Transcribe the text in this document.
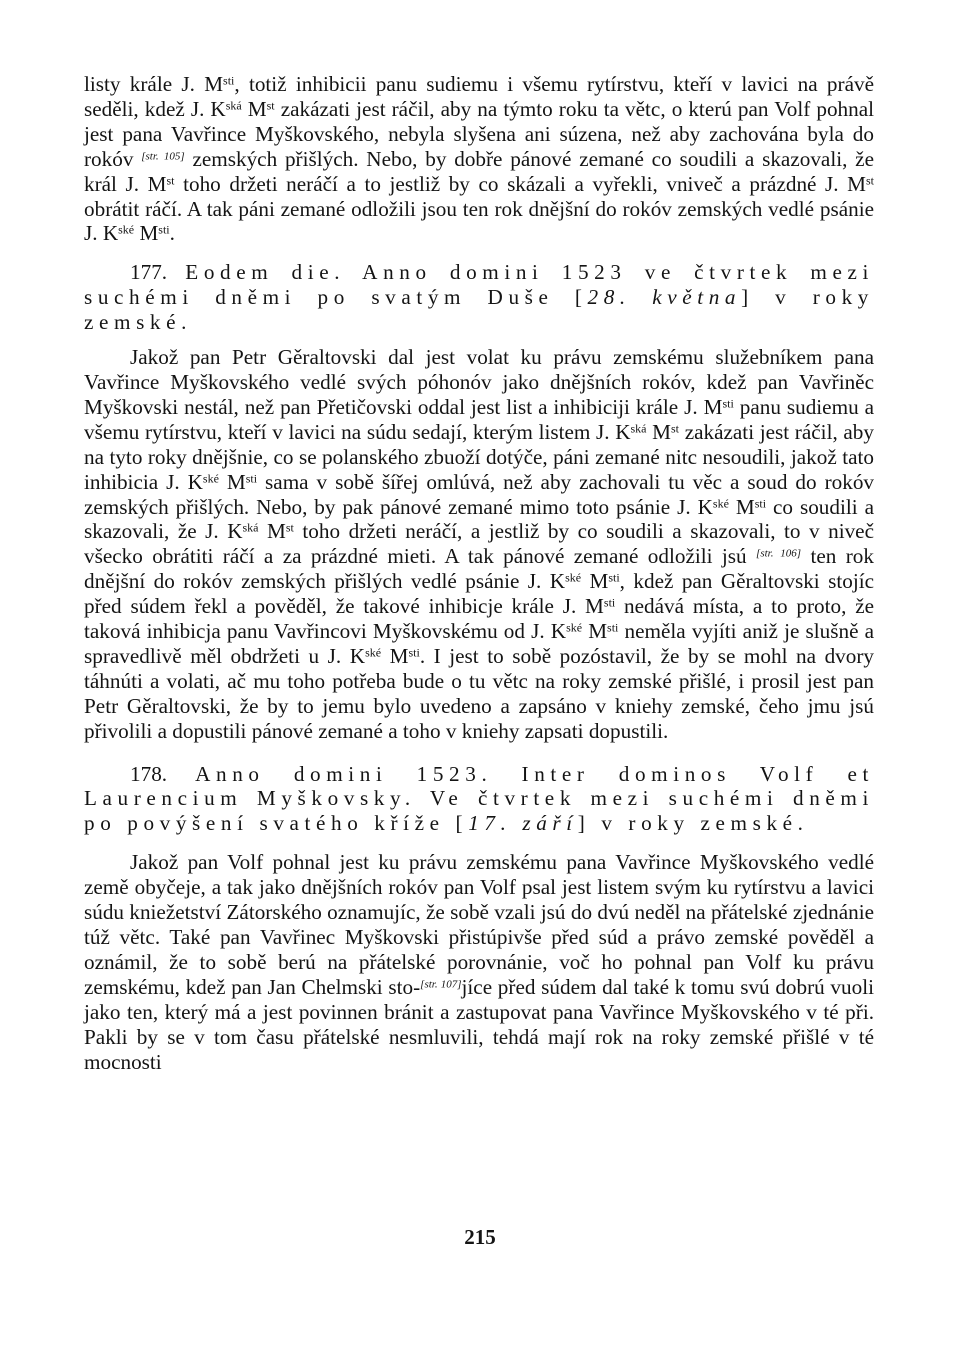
listy krále J. $M^{sti}$, totiž inhibicii panu sudiemu i všemu rytírstvu, kteří v lavici na právě seděli, kdež J. $K^{ská}$ Mst zakázati jest ráčil, aby na týmto roku ta větc, o kterú pan Volf pohnal jest pana Vavřince Myškovského, nebyla slyšena ani súzena, než aby zachována byla do rokóv [str. 105] zemských přišlých. Nebo, by dobře pánové zemané co soudili a skazovali, že král J. Mst toho držeti neráčí a to jestliž by co skázali a vyřekli, vniveč a prázdné J. Mst obrátit ráčí. A tak páni zemané odložili jsou ten rok dnějšní do rokóv zemských vedlé psánie J. $K^{ské}$ $M^{sti}$.

177. Eodem die. Anno domini 1523 ve čtvrtek mezi suchémi dněmi po svatým Duše [28. května] v roky zemské.

Jakož pan Petr Gěraltovski dal jest volat ku právu zemskému služebníkem pana Vavřince Myškovského vedlé svých póhonóv jako dnějšních rokóv, kdež pan Vavřiněc Myškovski nestál, než pan Přetičovski oddal jest list a inhibiciji krále J. $M^{sti}$ panu sudiemu a všemu rytírstvu, kteří v lavici na súdu sedají, kterým listem J. $K^{ská}$ Mst zakázati jest ráčil, aby na tyto roky dnějšnie, co se polanského zbuoží dotýče, páni zemané nitc nesoudili, jakož tato inhibicia J. $K^{ské}$ $M^{sti}$ sama v sobě šířej omlúvá, než aby zachovali tu věc a soud do rokóv zemských přišlých. Nebo, by pak pánové zemané mimo toto psánie J. $K^{ské}$ $M^{sti}$ co soudili a skazovali, že J. $K^{ská}$ Mst toho držeti neráčí, a jestliž by co soudili a skazovali, to v niveč všecko obrátiti ráčí a za prázdné mieti. A tak pánové zemané odložili jsú [str. 106] ten rok dnějšní do rokóv zemských přišlých vedlé psánie J. $K^{ské}$ $M^{sti}$, kdež pan Gěraltovski stojíc před súdem řekl a pověděl, že takové inhibicje krále J. $M^{sti}$ nedává místa, a to proto, že taková inhibicja panu Vavřincovi Myškovskému od J. $K^{ské}$ $M^{sti}$ neměla vyjíti aniž je slušně a spravedlivě měl obdržeti u J. $K^{ské}$ $M^{sti}$. I jest to sobě pozóstavil, že by se mohl na dvory táhnúti a volati, ač mu toho potřeba bude o tu větc na roky zemské přišlé, i prosil jest pan Petr Gěraltovski, že by to jemu bylo uvedeno a zapsáno v kniehy zemské, čeho jmu jsú přivolili a dopustili pánové zemané a toho v kniehy zapsati dopustili.

178. Anno domini 1523. Inter dominos Volf et Laurencium Myškovsky. Ve čtvrtek mezi suchémi dněmi po povýšení svatého kříže [17. září] v roky zemské.

Jakož pan Volf pohnal jest ku právu zemskému pana Vavřince Myškovského vedlé země obyčeje, a tak jako dnějšních rokóv pan Volf psal jest listem svým ku rytírstvu a lavici súdu kniežetství Zátorského oznamujíc, že sobě vzali jsú do dvú neděl na přátelské zjednánie túž větc. Také pan Vavřinec Myškovski přistúpivše před súd a právo zemské pověděl a oznámil, že to sobě berú na přátelské porovnánie, voč ho pohnal pan Volf ku právu zemskému, kdež pan Jan Chelmski sto-[str. 107]jíce před súdem dal také k tomu svú dobrú vuoli jako ten, který má a jest povinnen bránit a zastupovat pana Vavřince Myškovského v té při. Pakli by se v tom času přátelské nesmluvili, tehdá mají rok na roky zemské přišlé v té mocnosti

215
